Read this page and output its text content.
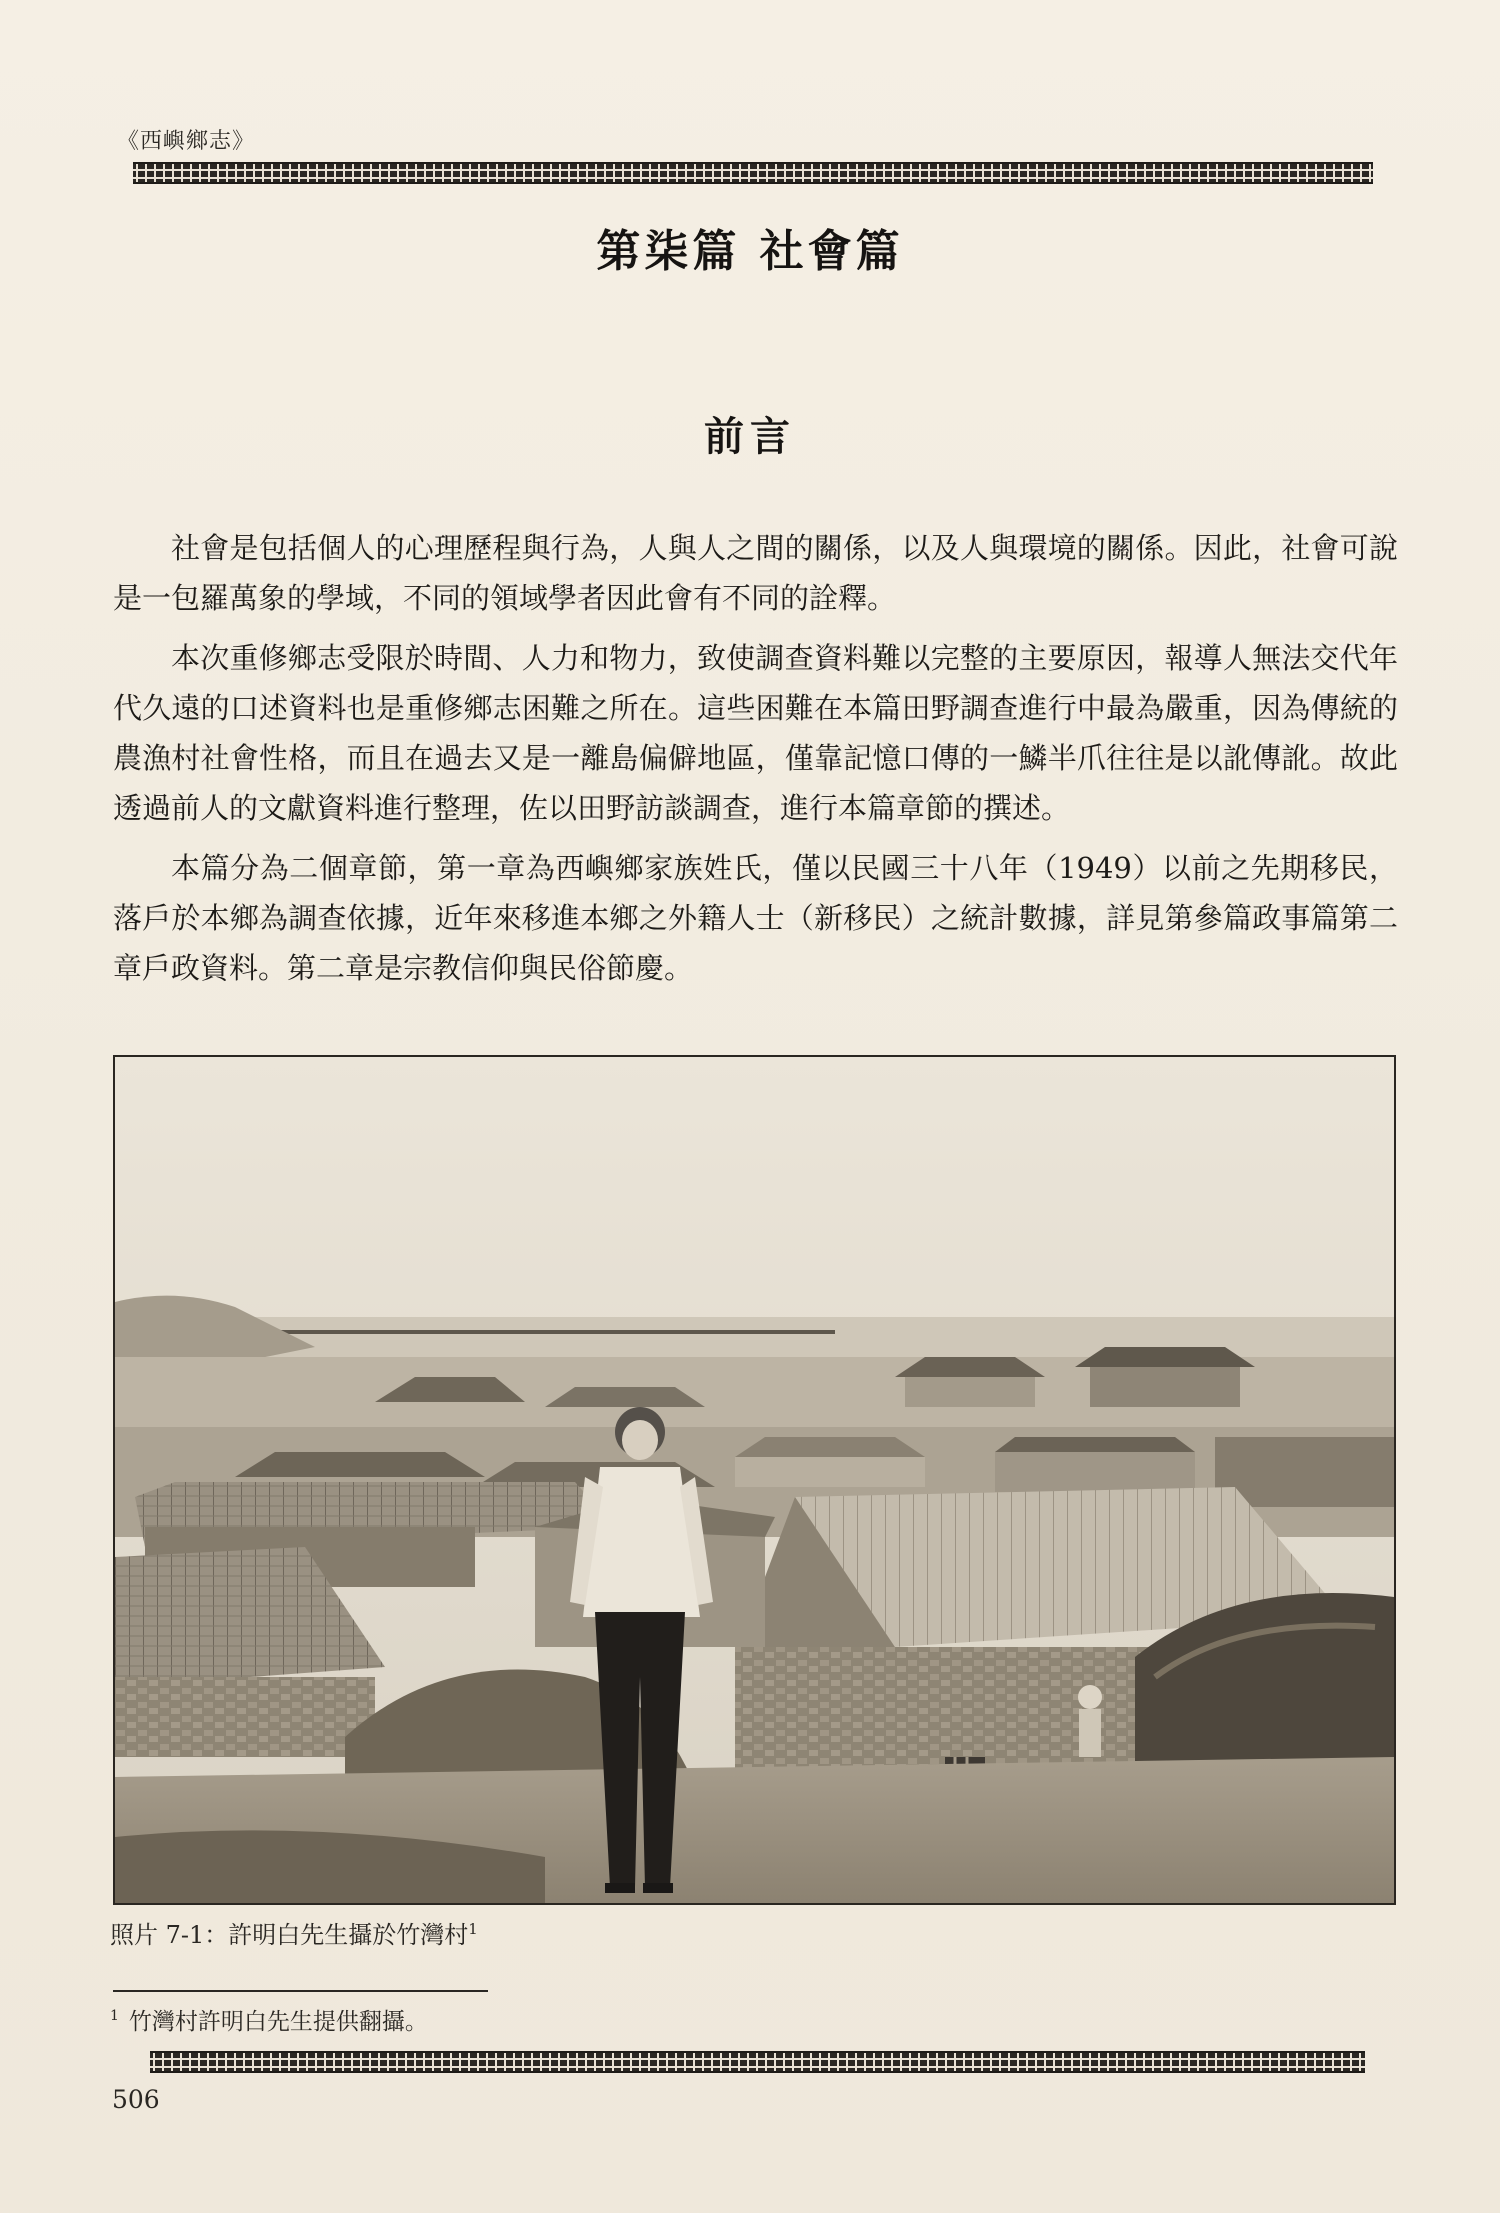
《西嶼鄉志》
第柒篇 社會篇
前言

社會是包括個人的心理歷程與行為，人與人之間的關係，以及人與環境的關係。因此，社會可說是一包羅萬象的學域，不同的領域學者因此會有不同的詮釋。

本次重修鄉志受限於時間、人力和物力，致使調查資料難以完整的主要原因，報導人無法交代年代久遠的口述資料也是重修鄉志困難之所在。這些困難在本篇田野調查進行中最為嚴重，因為傳統的農漁村社會性格，而且在過去又是一離島偏僻地區，僅靠記憶口傳的一鱗半爪往往是以訛傳訛。故此透過前人的文獻資料進行整理，佐以田野訪談調查，進行本篇章節的撰述。

本篇分為二個章節，第一章為西嶼鄉家族姓氏，僅以民國三十八年（1949）以前之先期移民，落戶於本鄉為調查依據，近年來移進本鄉之外籍人士（新移民）之統計數據，詳見第參篇政事篇第二章戶政資料。第二章是宗教信仰與民俗節慶。

照片 7-1：許明白先生攝於竹灣村$^1$
$^1$ 竹灣村許明白先生提供翻攝。
506
